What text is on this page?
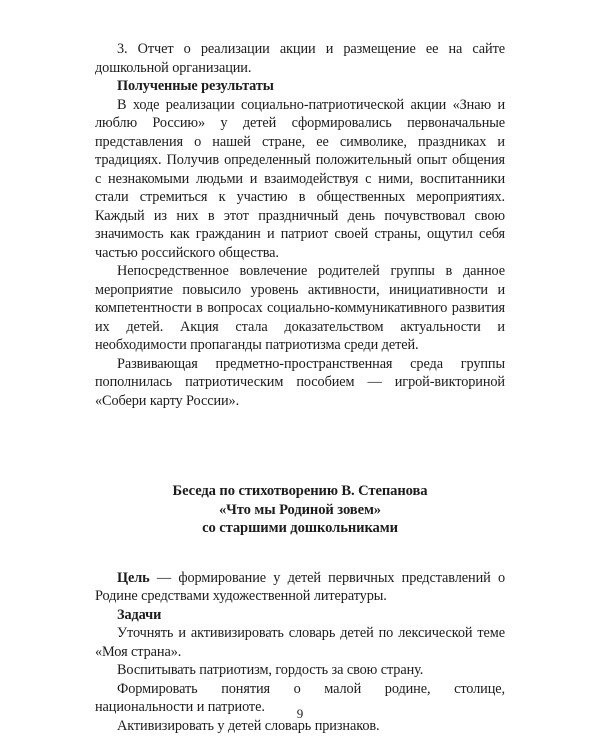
3. Отчет о реализации акции и размещение ее на сайте дошкольной организации.

Полученные результаты

В ходе реализации социально-патриотической акции «Знаю и люблю Россию» у детей сформировались первоначальные представления о нашей стране, ее символике, праздниках и традициях. Получив определенный положительный опыт общения с незнакомыми людьми и взаимодействуя с ними, воспитанники стали стремиться к участию в общественных мероприятиях. Каждый из них в этот праздничный день почувствовал свою значимость как гражданин и патриот своей страны, ощутил себя частью российского общества.

Непосредственное вовлечение родителей группы в данное мероприятие повысило уровень активности, инициативности и компетентности в вопросах социально-коммуникативного развития их детей. Акция стала доказательством актуальности и необходимости пропаганды патриотизма среди детей.

Развивающая предметно-пространственная среда группы пополнилась патриотическим пособием — игрой-викториной «Собери карту России».

Беседа по стихотворению В. Степанова
«Что мы Родиной зовем»
со старшими дошкольниками

Цель — формирование у детей первичных представлений о Родине средствами художественной литературы.

Задачи

Уточнять и активизировать словарь детей по лексической теме «Моя страна».

Воспитывать патриотизм, гордость за свою страну.

Формировать понятия о малой родине, столице, национальности и патриоте.

Активизировать у детей словарь признаков.

9
